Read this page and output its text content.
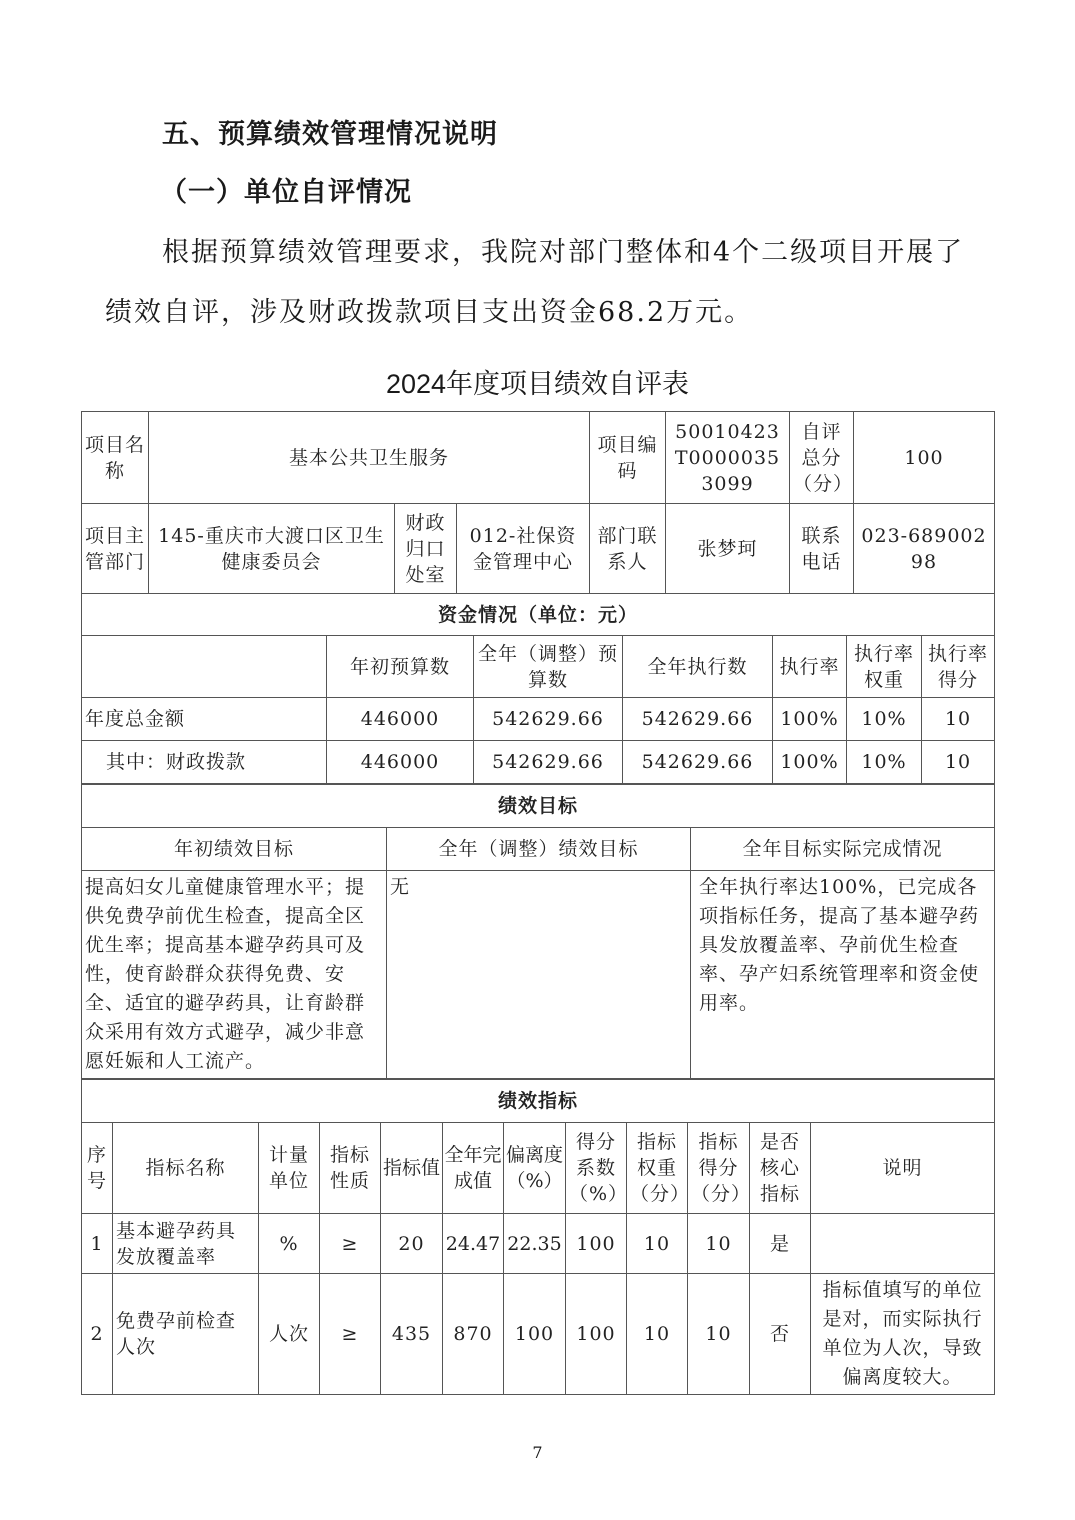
五、预算绩效管理情况说明
（一）单位自评情况
根据预算绩效管理要求，我院对部门整体和4个二级项目开展了绩效自评，涉及财政拨款项目支出资金68.2万元。
2024年度项目绩效自评表
项目名称	基本公共卫生服务			项目编码	50010423T00000353099	自评总分（分）	100
项目主管部门	145-重庆市大渡口区卫生健康委员会	财政归口处室	012-社保资金管理中心	部门联系人	张梦珂	联系电话	023-68900298
资金情况（单位：元）						
	年初预算数	全年（调整）预算数	全年执行数	执行率	执行率权重	执行率得分
年度总金额	446000	542629.66	542629.66	100%	10%	10
其中：财政拨款	446000	542629.66	542629.66	100%	10%	10
绩效目标		
年初绩效目标	全年（调整）绩效目标	全年目标实际完成情况
提高妇女儿童健康管理水平；提供免费孕前优生检查，提高全区优生率；提高基本避孕药具可及性，使育龄群众获得免费、安全、适宜的避孕药具，让育龄群众采用有效方式避孕，减少非意愿妊娠和人工流产。	无	全年执行率达100%，已完成各项指标任务，提高了基本避孕药具发放覆盖率、孕前优生检查率、孕产妇系统管理率和资金使用率。
绩效指标											
序号	指标名称	计量单位	指标性质	指标值	全年完成值	偏离度（%）	得分系数（%）	指标权重（分）	指标得分（分）	是否核心指标	说明
1	基本避孕药具发放覆盖率	%	≥	20	24.47	22.35	100	10	10	是	
2	免费孕前检查人次	人次	≥	435	870	100	100	10	10	否	指标值填写的单位是对，而实际执行单位为人次，导致偏离度较大。
7
